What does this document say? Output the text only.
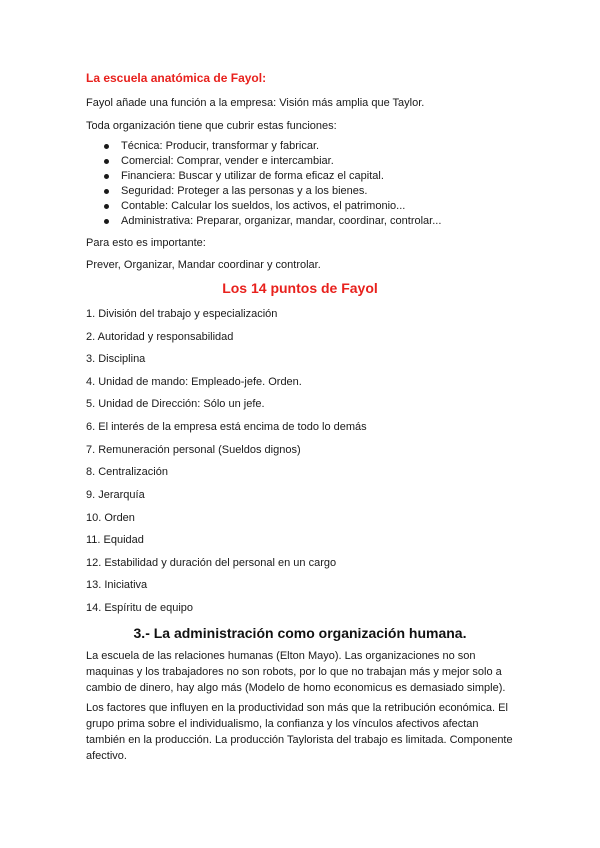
La escuela anatómica de Fayol:
Fayol añade una función a la empresa: Visión más amplia que Taylor.
Toda organización tiene que cubrir estas funciones:
Técnica: Producir, transformar y fabricar.
Comercial: Comprar, vender e intercambiar.
Financiera: Buscar y utilizar de forma eficaz el capital.
Seguridad: Proteger a las personas y a los bienes.
Contable: Calcular los sueldos, los activos, el patrimonio...
Administrativa: Preparar, organizar, mandar, coordinar, controlar...
Para esto es importante:
Prever, Organizar, Mandar coordinar y controlar.
Los 14 puntos de Fayol
1. División del trabajo y especialización
2. Autoridad y responsabilidad
3. Disciplina
4. Unidad de mando: Empleado-jefe. Orden.
5. Unidad de Dirección: Sólo un jefe.
6. El interés de la empresa está encima de todo lo demás
7. Remuneración personal (Sueldos dignos)
8. Centralización
9. Jerarquía
10. Orden
11. Equidad
12. Estabilidad y duración del personal en un cargo
13. Iniciativa
14. Espíritu de equipo
3.- La administración como organización humana.
La escuela de las relaciones humanas (Elton Mayo). Las organizaciones no son maquinas y los trabajadores no son robots, por lo que no trabajan más y mejor solo a cambio de dinero, hay algo más (Modelo de homo economicus es demasiado simple).
Los factores que influyen en la productividad son más que la retribución económica. El grupo prima sobre el individualismo, la confianza y los vínculos afectivos afectan también en la producción. La producción Taylorista del trabajo es limitada. Componente afectivo.
